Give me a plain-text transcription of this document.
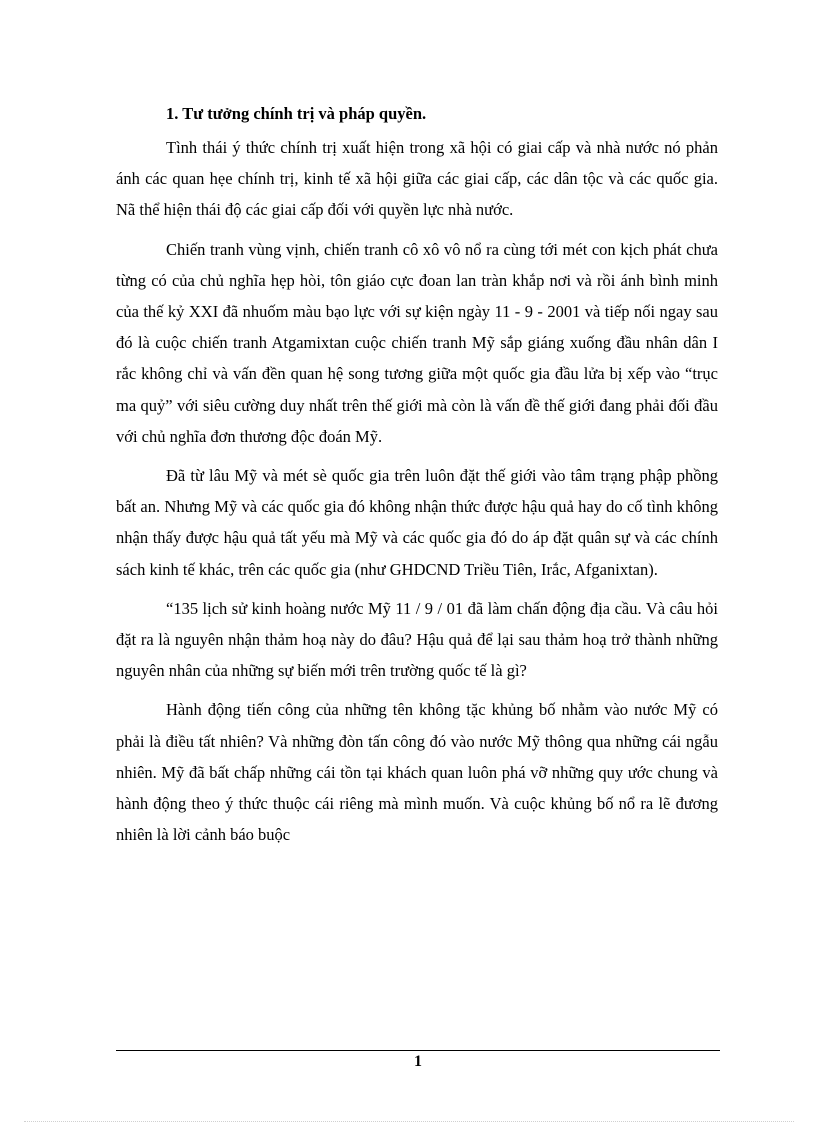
1. Tư tưởng chính trị và pháp quyền.

Tình thái ý thức chính trị xuất hiện trong xã hội có giai cấp và nhà nước nó phản ánh các quan hẹe chính trị, kinh tế xã hội giữa các giai cấp, các dân tộc và các quốc gia. Nã thể hiện thái độ các giai cấp đối với quyền lực nhà nước.

Chiến tranh vùng vịnh, chiến tranh cô xô vô nổ ra cùng tới mét con kịch phát chưa từng có của chủ nghĩa hẹp hòi, tôn giáo cực đoan lan tràn khắp nơi và rồi ánh bình minh của thế kỷ XXI đã nhuốm màu bạo lực với sự kiện ngày 11 - 9 - 2001 và tiếp nối ngay sau đó là cuộc chiến tranh Atgamixtan cuộc chiến tranh Mỹ sắp giáng xuống đầu nhân dân I rắc không chỉ và vấn đền quan hệ song tương giữa một quốc gia đầu lửa bị xếp vào “trục ma quỷ” với siêu cường duy nhất trên thế giới mà còn là vấn đề thế giới đang phải đối đầu với chủ nghĩa đơn thương độc đoán Mỹ.

Đã từ lâu Mỹ và mét sè quốc gia trên luôn đặt thế giới vào tâm trạng phập phồng bất an. Nhưng Mỹ và các quốc gia đó không nhận thức được hậu quả hay do cố tình không nhận thấy được hậu quả tất yếu mà Mỹ và các quốc gia đó do áp đặt quân sự và các chính sách kinh tế khác, trên các quốc gia (như GHDCND Triều Tiên, Irắc, Afganixtan).

“135 lịch sử kinh hoàng nước Mỹ 11 / 9 / 01 đã làm chấn động địa cầu. Và câu hỏi đặt ra là nguyên nhận thảm hoạ này do đâu? Hậu quả để lại sau thảm hoạ trở thành những nguyên nhân của những sự biến mới trên trường quốc tế là gì?

Hành động tiến công của những tên không tặc khủng bố nhằm vào nước Mỹ có phải là điều tất nhiên? Và những đòn tấn công đó vào nước Mỹ thông qua những cái ngẫu nhiên. Mỹ đã bất chấp những cái tồn tại khách quan luôn phá vỡ những quy ước chung và hành động theo ý thức thuộc cái riêng mà mình muốn. Và cuộc khủng bố nổ ra lẽ đương nhiên là lời cảnh báo buộc

1
